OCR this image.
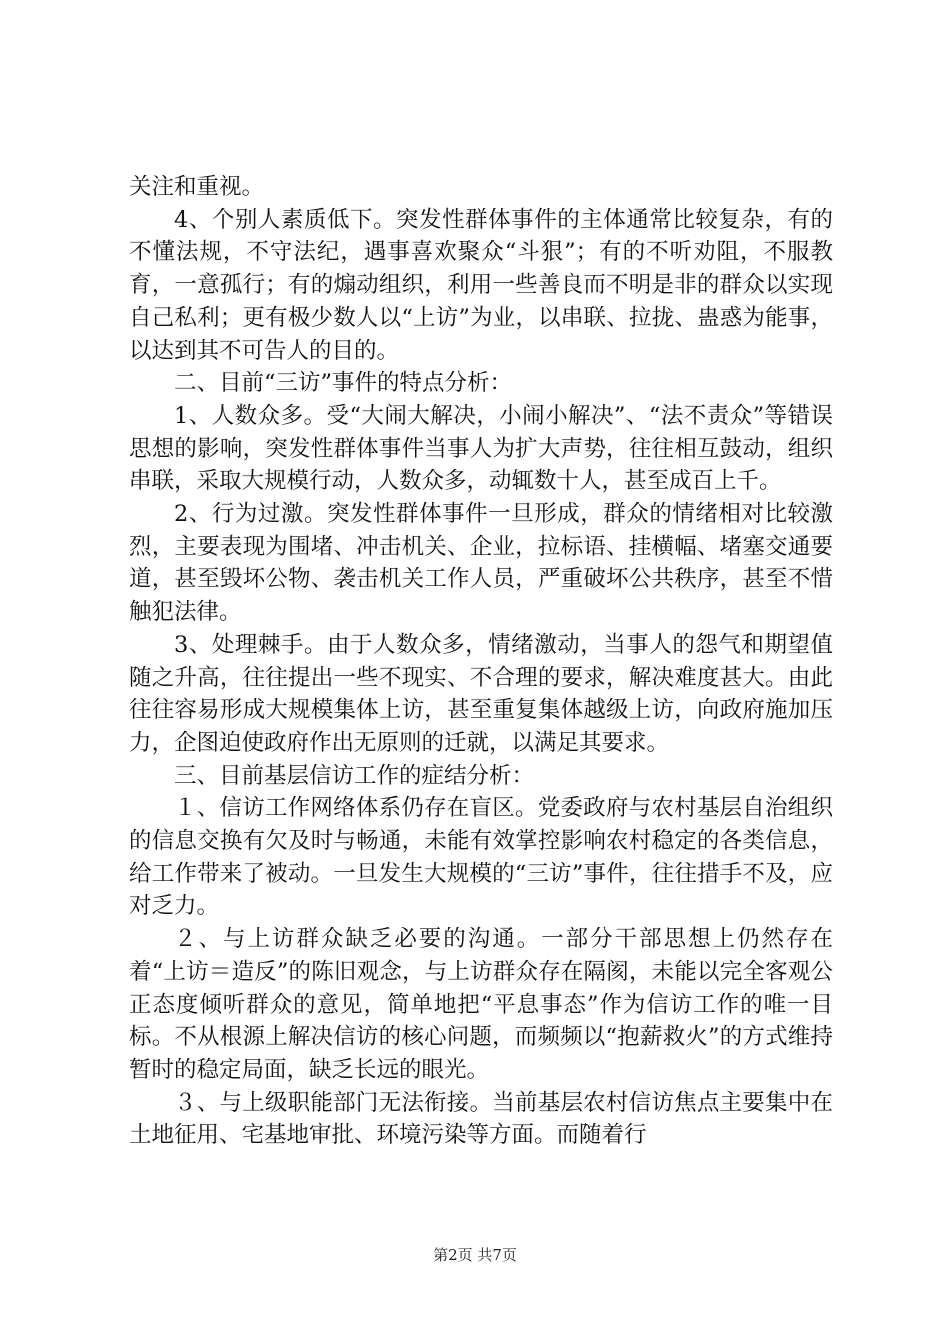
关注和重视。

4、个别人素质低下。突发性群体事件的主体通常比较复杂，有的不懂法规，不守法纪，遇事喜欢聚众“斗狠”；有的不听劝阻，不服教育，一意孤行；有的煽动组织，利用一些善良而不明是非的群众以实现自己私利；更有极少数人以“上访”为业，以串联、拉拢、蛊惑为能事，以达到其不可告人的目的。

二、目前“三访”事件的特点分析：

1、人数众多。受“大闹大解决，小闹小解决”、“法不责众”等错误思想的影响，突发性群体事件当事人为扩大声势，往往相互鼓动，组织串联，采取大规模行动，人数众多，动辄数十人，甚至成百上千。

2、行为过激。突发性群体事件一旦形成，群众的情绪相对比较激烈，主要表现为围堵、冲击机关、企业，拉标语、挂横幅、堵塞交通要道，甚至毁坏公物、袭击机关工作人员，严重破坏公共秩序，甚至不惜触犯法律。

3、处理棘手。由于人数众多，情绪激动，当事人的怨气和期望值随之升高，往往提出一些不现实、不合理的要求，解决难度甚大。由此往往容易形成大规模集体上访，甚至重复集体越级上访，向政府施加压力，企图迫使政府作出无原则的迁就，以满足其要求。

三、目前基层信访工作的症结分析：

１、信访工作网络体系仍存在盲区。党委政府与农村基层自治组织的信息交换有欠及时与畅通，未能有效掌控影响农村稳定的各类信息，给工作带来了被动。一旦发生大规模的“三访”事件，往往措手不及，应对乏力。

２、与上访群众缺乏必要的沟通。一部分干部思想上仍然存在着“上访＝造反”的陈旧观念，与上访群众存在隔阂，未能以完全客观公正态度倾听群众的意见，简单地把“平息事态”作为信访工作的唯一目标。不从根源上解决信访的核心问题，而频频以“抱薪救火”的方式维持暂时的稳定局面，缺乏长远的眼光。

３、与上级职能部门无法衔接。当前基层农村信访焦点主要集中在土地征用、宅基地审批、环境污染等方面。而随着行

第2页 共7页
